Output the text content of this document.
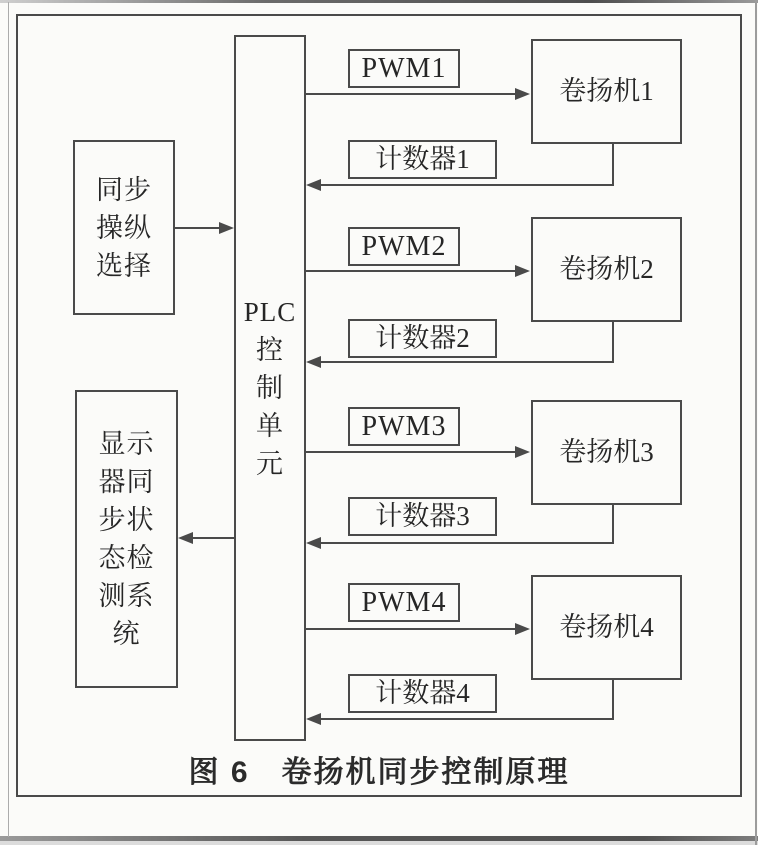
PLC
控
制
单
元
同步
操纵
选择
显示
器同
步状
态检
测系
统
PWM1
卷扬机1
计数器1
PWM2
卷扬机2
计数器2
PWM3
卷扬机3
计数器3
PWM4
卷扬机4
计数器4
图 6　卷扬机同步控制原理
